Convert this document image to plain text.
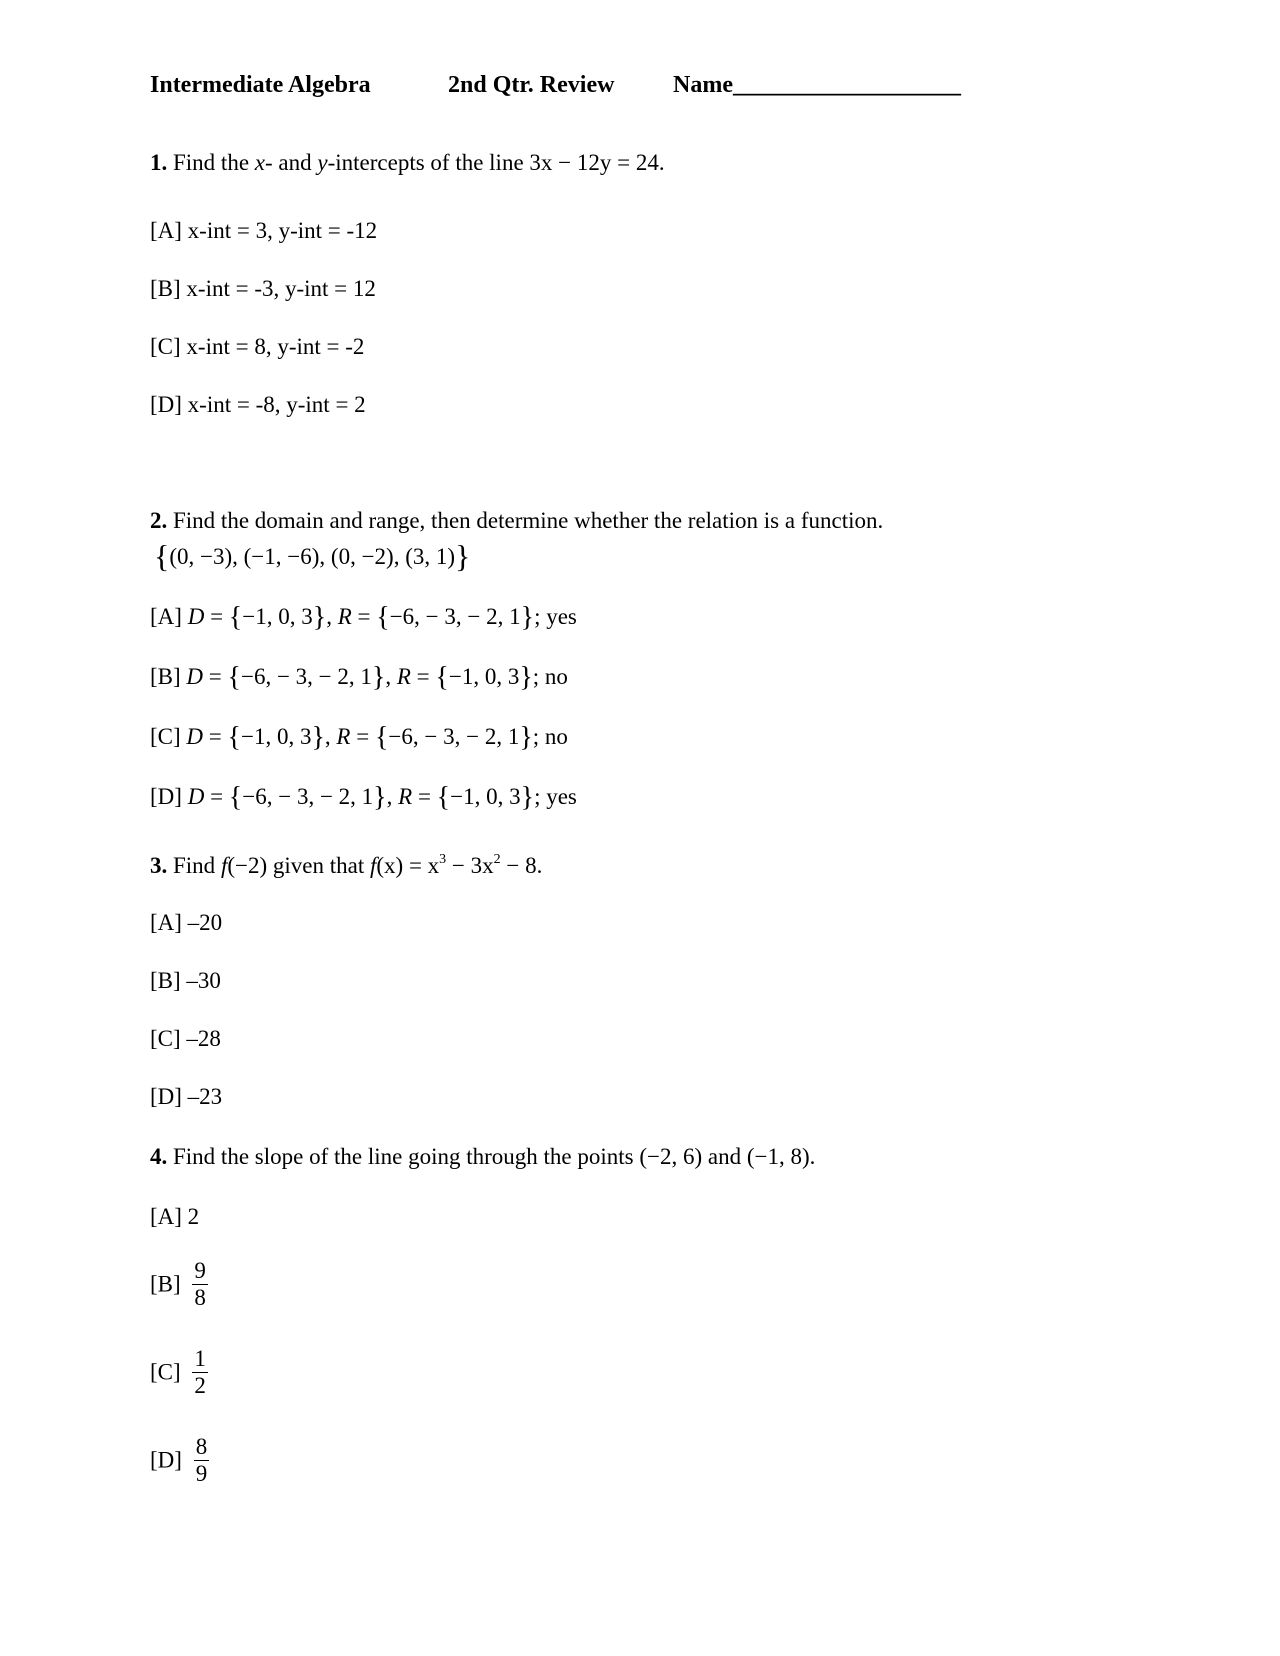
Intermediate Algebra	2nd Qtr. Review Name___________________
1. Find the x- and y-intercepts of the line 3x − 12y = 24.
[A] x-int = 3, y-int = -12
[B] x-int = -3, y-int = 12
[C] x-int = 8, y-int = -2
[D] x-int = -8, y-int = 2
2. Find the domain and range, then determine whether the relation is a function.
{(0, −3), (−1, −6), (0, −2), (3, 1)}
[A] D = {−1, 0, 3}, R = {−6, − 3, − 2, 1}; yes
[B] D = {−6, − 3, − 2, 1}, R = {−1, 0, 3}; no
[C] D = {−1, 0, 3}, R = {−6, − 3, − 2, 1}; no
[D] D = {−6, − 3, − 2, 1}, R = {−1, 0, 3}; yes
3. Find f(−2) given that $f(x) = x^3 - 3x^2 - 8$.
[A] –20
[B] –30
[C] –28
[D] –23
4. Find the slope of the line going through the points (−2, 6) and (−1, 8).
[A] 2
$[B] \frac{9}{8}$
$[C] \frac{1}{2}$
$[D] \frac{8}{9}$
